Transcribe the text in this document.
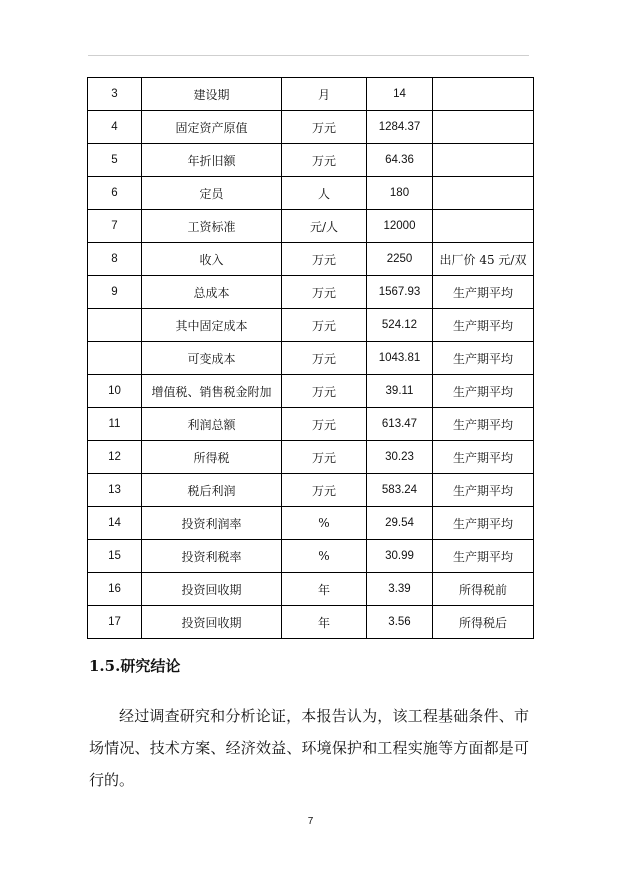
3	建设期	月	14	
4	固定资产原值	万元	1284.37	
5	年折旧额	万元	64.36	
6	定员	人	180	
7	工资标准	元/人	12000	
8	收入	万元	2250	出厂价 45 元/双
9	总成本	万元	1567.93	生产期平均
	其中固定成本	万元	524.12	生产期平均
	可变成本	万元	1043.81	生产期平均
10	增值税、销售税金附加	万元	39.11	生产期平均
11	利润总额	万元	613.47	生产期平均
12	所得税	万元	30.23	生产期平均
13	税后利润	万元	583.24	生产期平均
14	投资利润率	%	29.54	生产期平均
15	投资利税率	%	30.99	生产期平均
16	投资回收期	年	3.39	所得税前
17	投资回收期	年	3.56	所得税后
1.5.研究结论
经过调查研究和分析论证，本报告认为，该工程基础条件、市场情况、技术方案、经济效益、环境保护和工程实施等方面都是可行的。
7
